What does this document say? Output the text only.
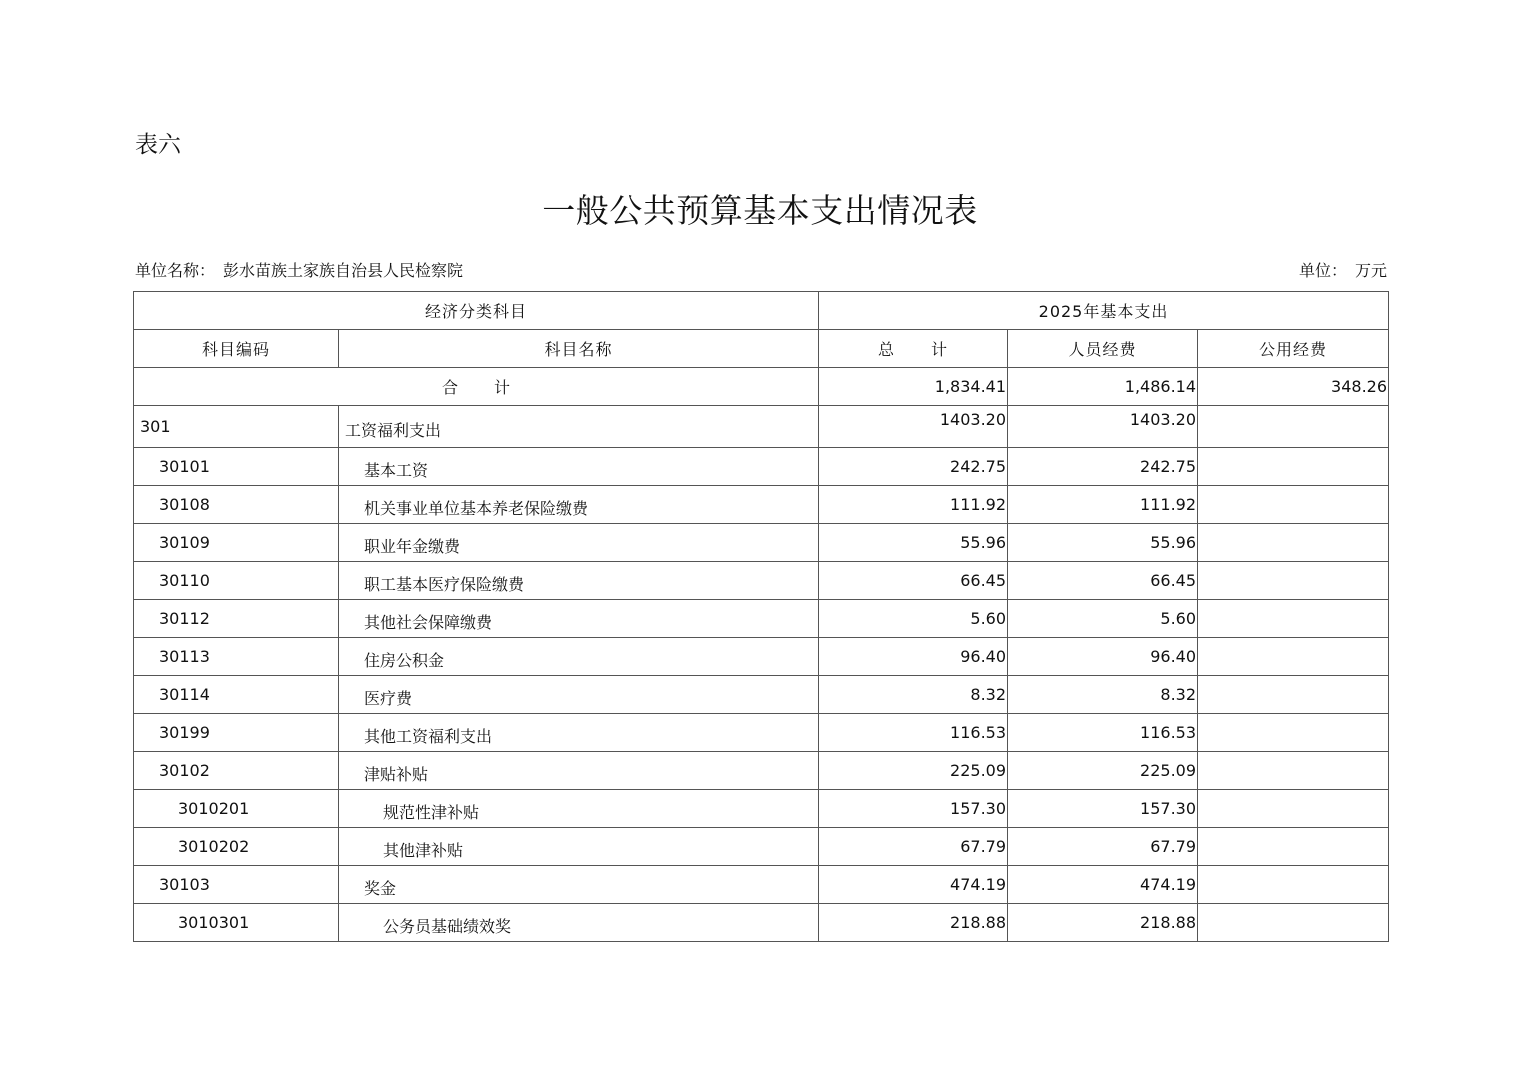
表六
一般公共预算基本支出情况表
单位名称： 彭水苗族土家族自治县人民检察院	单位： 万元
经济分类科目		2025年基本支出		
科目编码	科目名称	总 计	人员经费	公用经费
合 计		1,834.41	1,486.14	348.26
301	工资福利支出	1403.20	1403.20	
30101	基本工资	242.75	242.75	
30108	机关事业单位基本养老保险缴费	111.92	111.92	
30109	职业年金缴费	55.96	55.96	
30110	职工基本医疗保险缴费	66.45	66.45	
30112	其他社会保障缴费	5.60	5.60	
30113	住房公积金	96.40	96.40	
30114	医疗费	8.32	8.32	
30199	其他工资福利支出	116.53	116.53	
30102	津贴补贴	225.09	225.09	
3010201	规范性津补贴	157.30	157.30	
3010202	其他津补贴	67.79	67.79	
30103	奖金	474.19	474.19	
3010301	公务员基础绩效奖	218.88	218.88	
